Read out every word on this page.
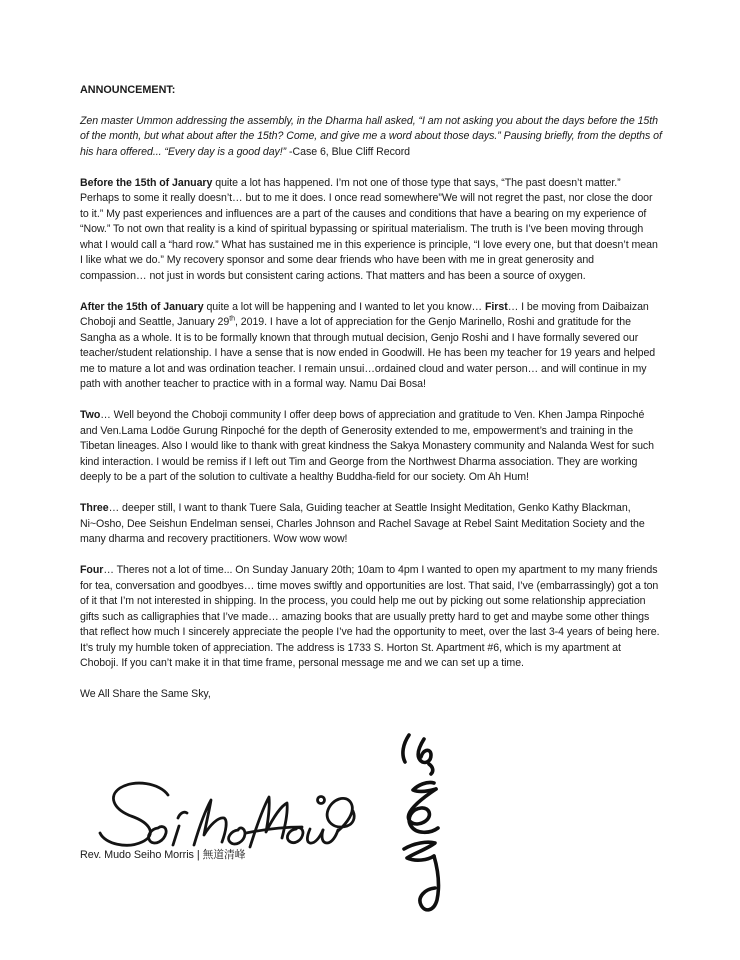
ANNOUNCEMENT:

Zen master Ummon addressing the assembly, in the Dharma hall asked, “I am not asking you about the days before the 15th of the month, but what about after the 15th? Come, and give me a word about those days.” Pausing briefly, from the depths of his hara offered... “Every day is a good day!” -Case 6, Blue Cliff Record

Before the 15th of January quite a lot has happened. I’m not one of those type that says, “The past doesn’t matter.” Perhaps to some it really doesn’t… but to me it does. I once read somewhere”We will not regret the past, nor close the door to it.” My past experiences and influences are a part of the causes and conditions that have a bearing on my experience of “Now.” To not own that reality is a kind of spiritual bypassing or spiritual materialism. The truth is I’ve been moving through what I would call a “hard row.” What has sustained me in this experience is principle, “I love every one, but that doesn’t mean I like what we do.” My recovery sponsor and some dear friends who have been with me in great generosity and compassion… not just in words but consistent caring actions. That matters and has been a source of oxygen.

After the 15th of January quite a lot will be happening and I wanted to let you know… First… I be moving from Daibaizan Choboji and Seattle, January 29th, 2019. I have a lot of appreciation for the Genjo Marinello, Roshi and gratitude for the Sangha as a whole. It is to be formally known that through mutual decision, Genjo Roshi and I have formally severed our teacher/student relationship. I have a sense that is now ended in Goodwill. He has been my teacher for 19 years and helped me to mature a lot and was ordination teacher. I remain unsui…ordained cloud and water person… and will continue in my path with another teacher to practice with in a formal way. Namu Dai Bosa!

Two… Well beyond the Choboji community I offer deep bows of appreciation and gratitude to Ven. Khen Jampa Rinpoché and Ven.Lama Lodöe Gurung Rinpoché for the depth of Generosity extended to me, empowerment’s and training in the Tibetan lineages. Also I would like to thank with great kindness the Sakya Monastery community and Nalanda West for such kind interaction. I would be remiss if I left out Tim and George from the Northwest Dharma association. They are working deeply to be a part of the solution to cultivate a healthy Buddha-field for our society. Om Ah Hum!

Three… deeper still, I want to thank Tuere Sala, Guiding teacher at Seattle Insight Meditation, Genko Kathy Blackman, Ni~Osho, Dee Seishun Endelman sensei, Charles Johnson and Rachel Savage at Rebel Saint Meditation Society and the many dharma and recovery practitioners. Wow wow wow!

Four… Theres not a lot of time... On Sunday January 20th; 10am to 4pm I wanted to open my apartment to my many friends for tea, conversation and goodbyes… time moves swiftly and opportunities are lost. That said, I’ve (embarrassingly) got a ton of it that I’m not interested in shipping. In the process, you could help me out by picking out some relationship appreciation gifts such as calligraphies that I’ve made… amazing books that are usually pretty hard to get and maybe some other things that reflect how much I sincerely appreciate the people I’ve had the opportunity to meet, over the last 3-4 years of being here. It’s truly my humble token of appreciation. The address is 1733 S. Horton St. Apartment #6, which is my apartment at Choboji. If you can’t make it in that time frame, personal message me and we can set up a time.

We All Share the Same Sky,

Rev. Mudo Seiho Morris | 無道清峰
